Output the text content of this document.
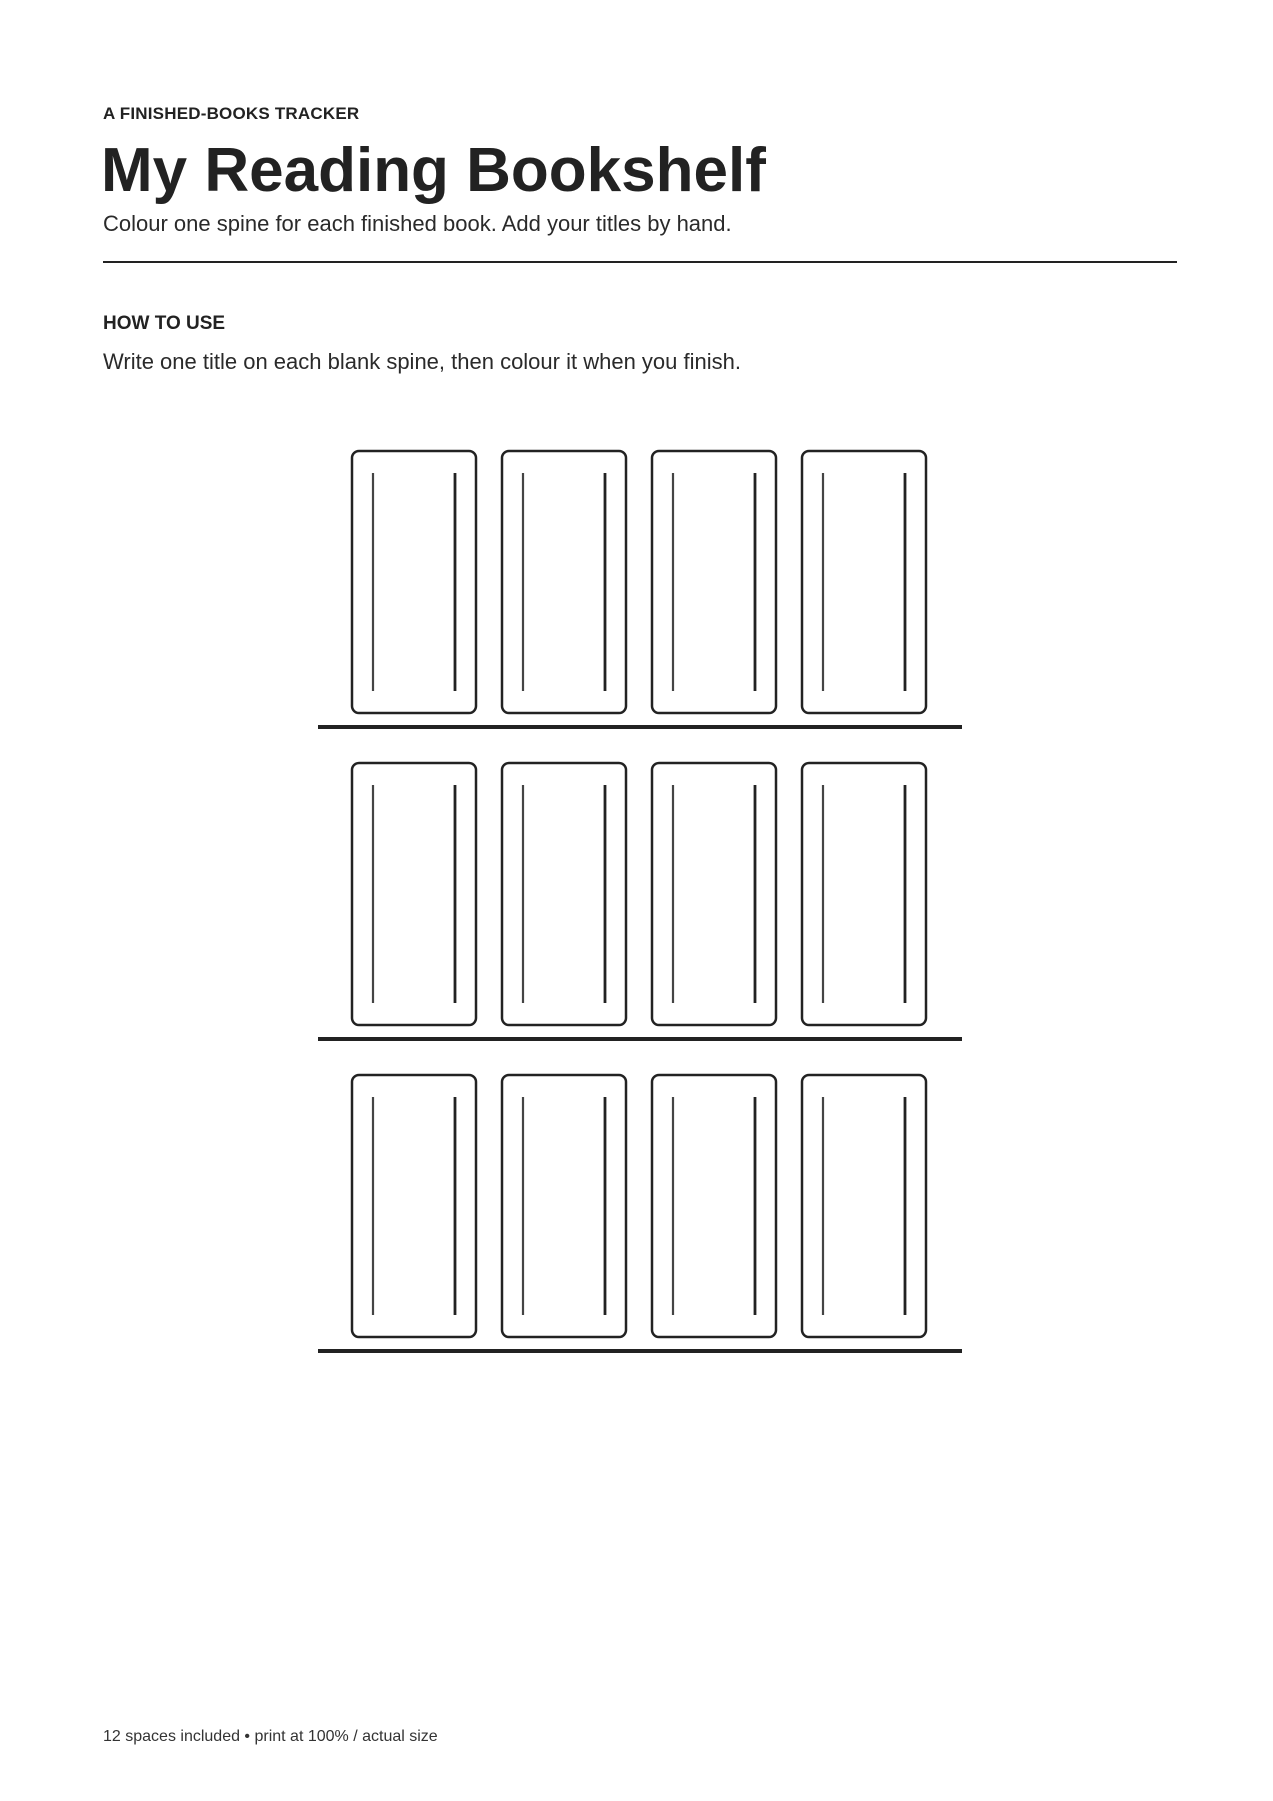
A FINISHED-BOOKS TRACKER
My Reading Bookshelf
Colour one spine for each finished book. Add your titles by hand.
HOW TO USE
Write one title on each blank spine, then colour it when you finish.
12 spaces included • print at 100% / actual size
